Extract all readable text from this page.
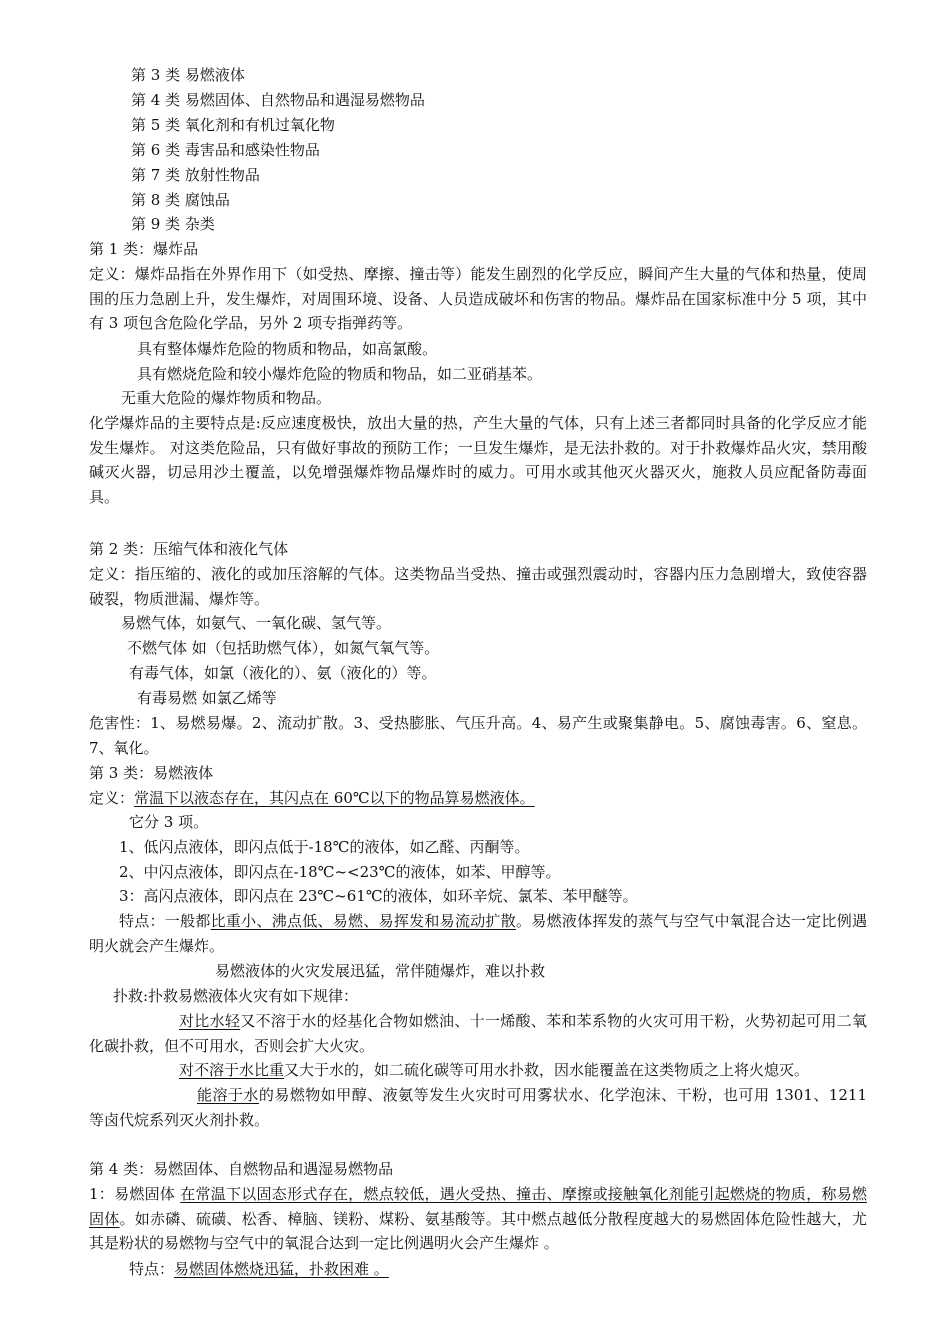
第 3 类 易燃液体
第 4 类 易燃固体、自然物品和遇湿易燃物品
第 5 类 氧化剂和有机过氧化物
第 6 类 毒害品和感染性物品
第 7 类 放射性物品
第 8 类 腐蚀品
第 9 类 杂类
第 1 类：爆炸品
定义：爆炸品指在外界作用下（如受热、摩擦、撞击等）能发生剧烈的化学反应，瞬间产生大量的气体和热量，使周围的压力急剧上升，发生爆炸，对周围环境、设备、人员造成破坏和伤害的物品。爆炸品在国家标准中分 5 项，其中有 3 项包含危险化学品，另外 2 项专指弹药等。
具有整体爆炸危险的物质和物品，如高氯酸。
具有燃烧危险和较小爆炸危险的物质和物品，如二亚硝基苯。
无重大危险的爆炸物质和物品。
化学爆炸品的主要特点是:反应速度极快，放出大量的热，产生大量的气体，只有上述三者都同时具备的化学反应才能发生爆炸。 对这类危险品，只有做好事故的预防工作；一旦发生爆炸，是无法扑救的。对于扑救爆炸品火灾，禁用酸碱灭火器，切忌用沙土覆盖，以免增强爆炸物品爆炸时的威力。可用水或其他灭火器灭火，施救人员应配备防毒面具。
第 2 类：压缩气体和液化气体
定义：指压缩的、液化的或加压溶解的气体。这类物品当受热、撞击或强烈震动时，容器内压力急剧增大，致使容器破裂，物质泄漏、爆炸等。
易燃气体，如氨气、一氧化碳、氢气等。
不燃气体 如（包括助燃气体），如氮气氧气等。
有毒气体，如氯（液化的）、氨（液化的）等。
有毒易燃 如氯乙烯等
危害性：1、易燃易爆。2、流动扩散。3、受热膨胀、气压升高。4、易产生或聚集静电。5、腐蚀毒害。6、窒息。7、氧化。
第 3 类：易燃液体
定义：常温下以液态存在，其闪点在 60℃以下的物品算易燃液体。
它分 3 项。
1、低闪点液体，即闪点低于-18℃的液体，如乙醛、丙酮等。
2、中闪点液体，即闪点在-18℃~<23℃的液体，如苯、甲醇等。
3：高闪点液体，即闪点在 23℃~61℃的液体，如环辛烷、氯苯、苯甲醚等。
特点：一般都比重小、沸点低、易燃、易挥发和易流动扩散。易燃液体挥发的蒸气与空气中氧混合达一定比例遇明火就会产生爆炸。
易燃液体的火灾发展迅猛，常伴随爆炸，难以扑救
扑救:扑救易燃液体火灾有如下规律：
对比水轻又不溶于水的烃基化合物如燃油、十一烯酸、苯和苯系物的火灾可用干粉，火势初起可用二氧化碳扑救，但不可用水，否则会扩大火灾。
对不溶于水比重又大于水的，如二硫化碳等可用水扑救，因水能覆盖在这类物质之上将火熄灭。
能溶于水的易燃物如甲醇、液氨等发生火灾时可用雾状水、化学泡沫、干粉，也可用 1301、1211 等卤代烷系列灭火剂扑救。
第 4 类：易燃固体、自燃物品和遇湿易燃物品
1：易燃固体 在常温下以固态形式存在，燃点较低，遇火受热、撞击、摩擦或接触氧化剂能引起燃烧的物质，称易燃固体。如赤磷、硫磺、松香、樟脑、镁粉、煤粉、氨基酸等。其中燃点越低分散程度越大的易燃固体危险性越大，尤其是粉状的易燃物与空气中的氧混合达到一定比例遇明火会产生爆炸 。
特点：易燃固体燃烧迅猛，扑救困难 。
